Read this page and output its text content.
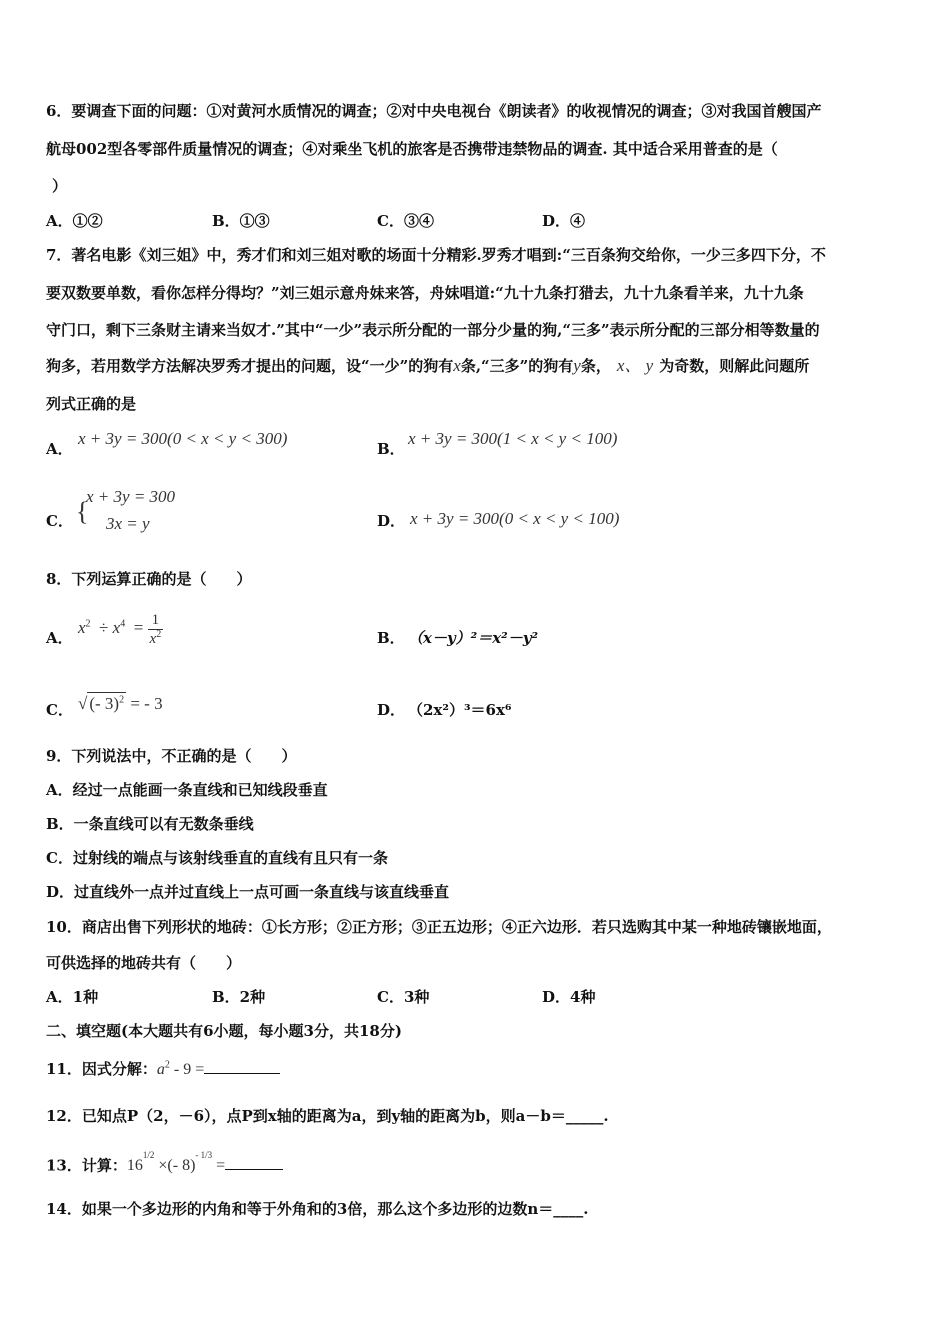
6．要调查下面的问题：①对黄河水质情况的调查；②对中央电视台《朗读者》的收视情况的调查；③对我国首艘国产
航母002型各零部件质量情况的调查；④对乘坐飞机的旅客是否携带违禁物品的调查. 其中适合采用普查的是（
）
A．①②	B．①③	C．③④	D．④
7．著名电影《刘三姐》中，秀才们和刘三姐对歌的场面十分精彩.罗秀才唱到:“三百条狗交给你，一少三多四下分，不
要双数要单数，看你怎样分得均？”刘三姐示意舟妹来答，舟妹唱道:“九十九条打猎去，九十九条看羊来，九十九条
守门口，剩下三条财主请来当奴才.”其中“一少”表示所分配的一部分少量的狗,“三多”表示所分配的三部分相等数量的
狗多，若用数学方法解决罗秀才提出的问题，设“一少”的狗有x条,“三多”的狗有y条， x、 y 为奇数，则解此问题所
列式正确的是
A．
x + 3y = 300(0 < x < y < 300)
B．
x + 3y = 300(1 < x < y < 100)
C． {
x + 3y = 300
3x = y	D． x + 3y = 300(0 < x < y < 100)
8．下列运算正确的是（　　）
A．
$x^2 \div x^4 = \frac{1}{x^2}$	B． （x－y）²＝x²－y²
C． √ (- 3)$^2$ = - 3	D． （2x²）³＝6x⁶
9．下列说法中，不正确的是（　　）
A．经过一点能画一条直线和已知线段垂直
B．一条直线可以有无数条垂线
C．过射线的端点与该射线垂直的直线有且只有一条
D．过直线外一点并过直线上一点可画一条直线与该直线垂直
10．商店出售下列形状的地砖：①长方形；②正方形；③正五边形；④正六边形．若只选购其中某一种地砖镶嵌地面，
可供选择的地砖共有（　　）
A．1种	B．2种	C．3种	D．4种
二、填空题(本大题共有6小题，每小题3分，共18分)
11．因式分解：$a^2 - 9$ =
12．已知点P（2，－6），点P到x轴的距离为a，到y轴的距离为b，则a－b＝_____.
13．计算：$16^{1/2}$ ×(- 8)$^{- 1/3}$ =
14．如果一个多边形的内角和等于外角和的3倍，那么这个多边形的边数n＝____.
